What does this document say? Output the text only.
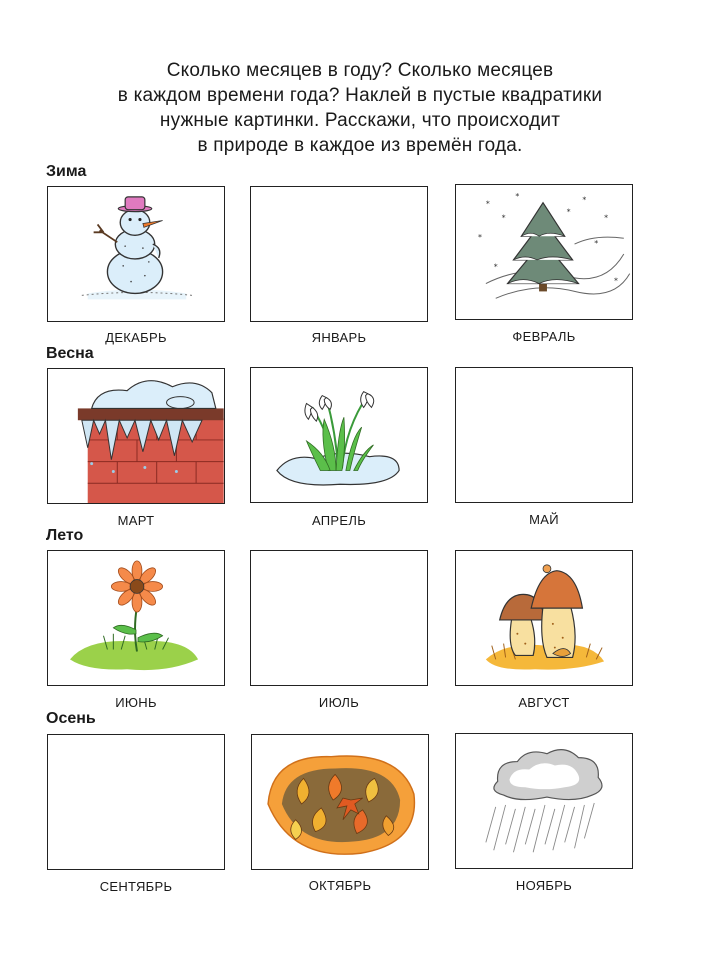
Сколько месяцев в году? Сколько месяцев
в каждом времени года? Наклей в пустые квадратики
нужные картинки. Расскажи, что происходит
в природе в каждое из времён года.
Зима
ДЕКАБРЬ	ЯНВАРЬ
*
*	*
*
*
*
*
*
*
*
ФЕВРАЛЬ
Весна
МАРТ	АПРЕЛЬ	МАЙ
Лето
ИЮНЬ	ИЮЛЬ	АВГУСТ
Осень
СЕНТЯБРЬ	ОКТЯБРЬ	НОЯБРЬ
